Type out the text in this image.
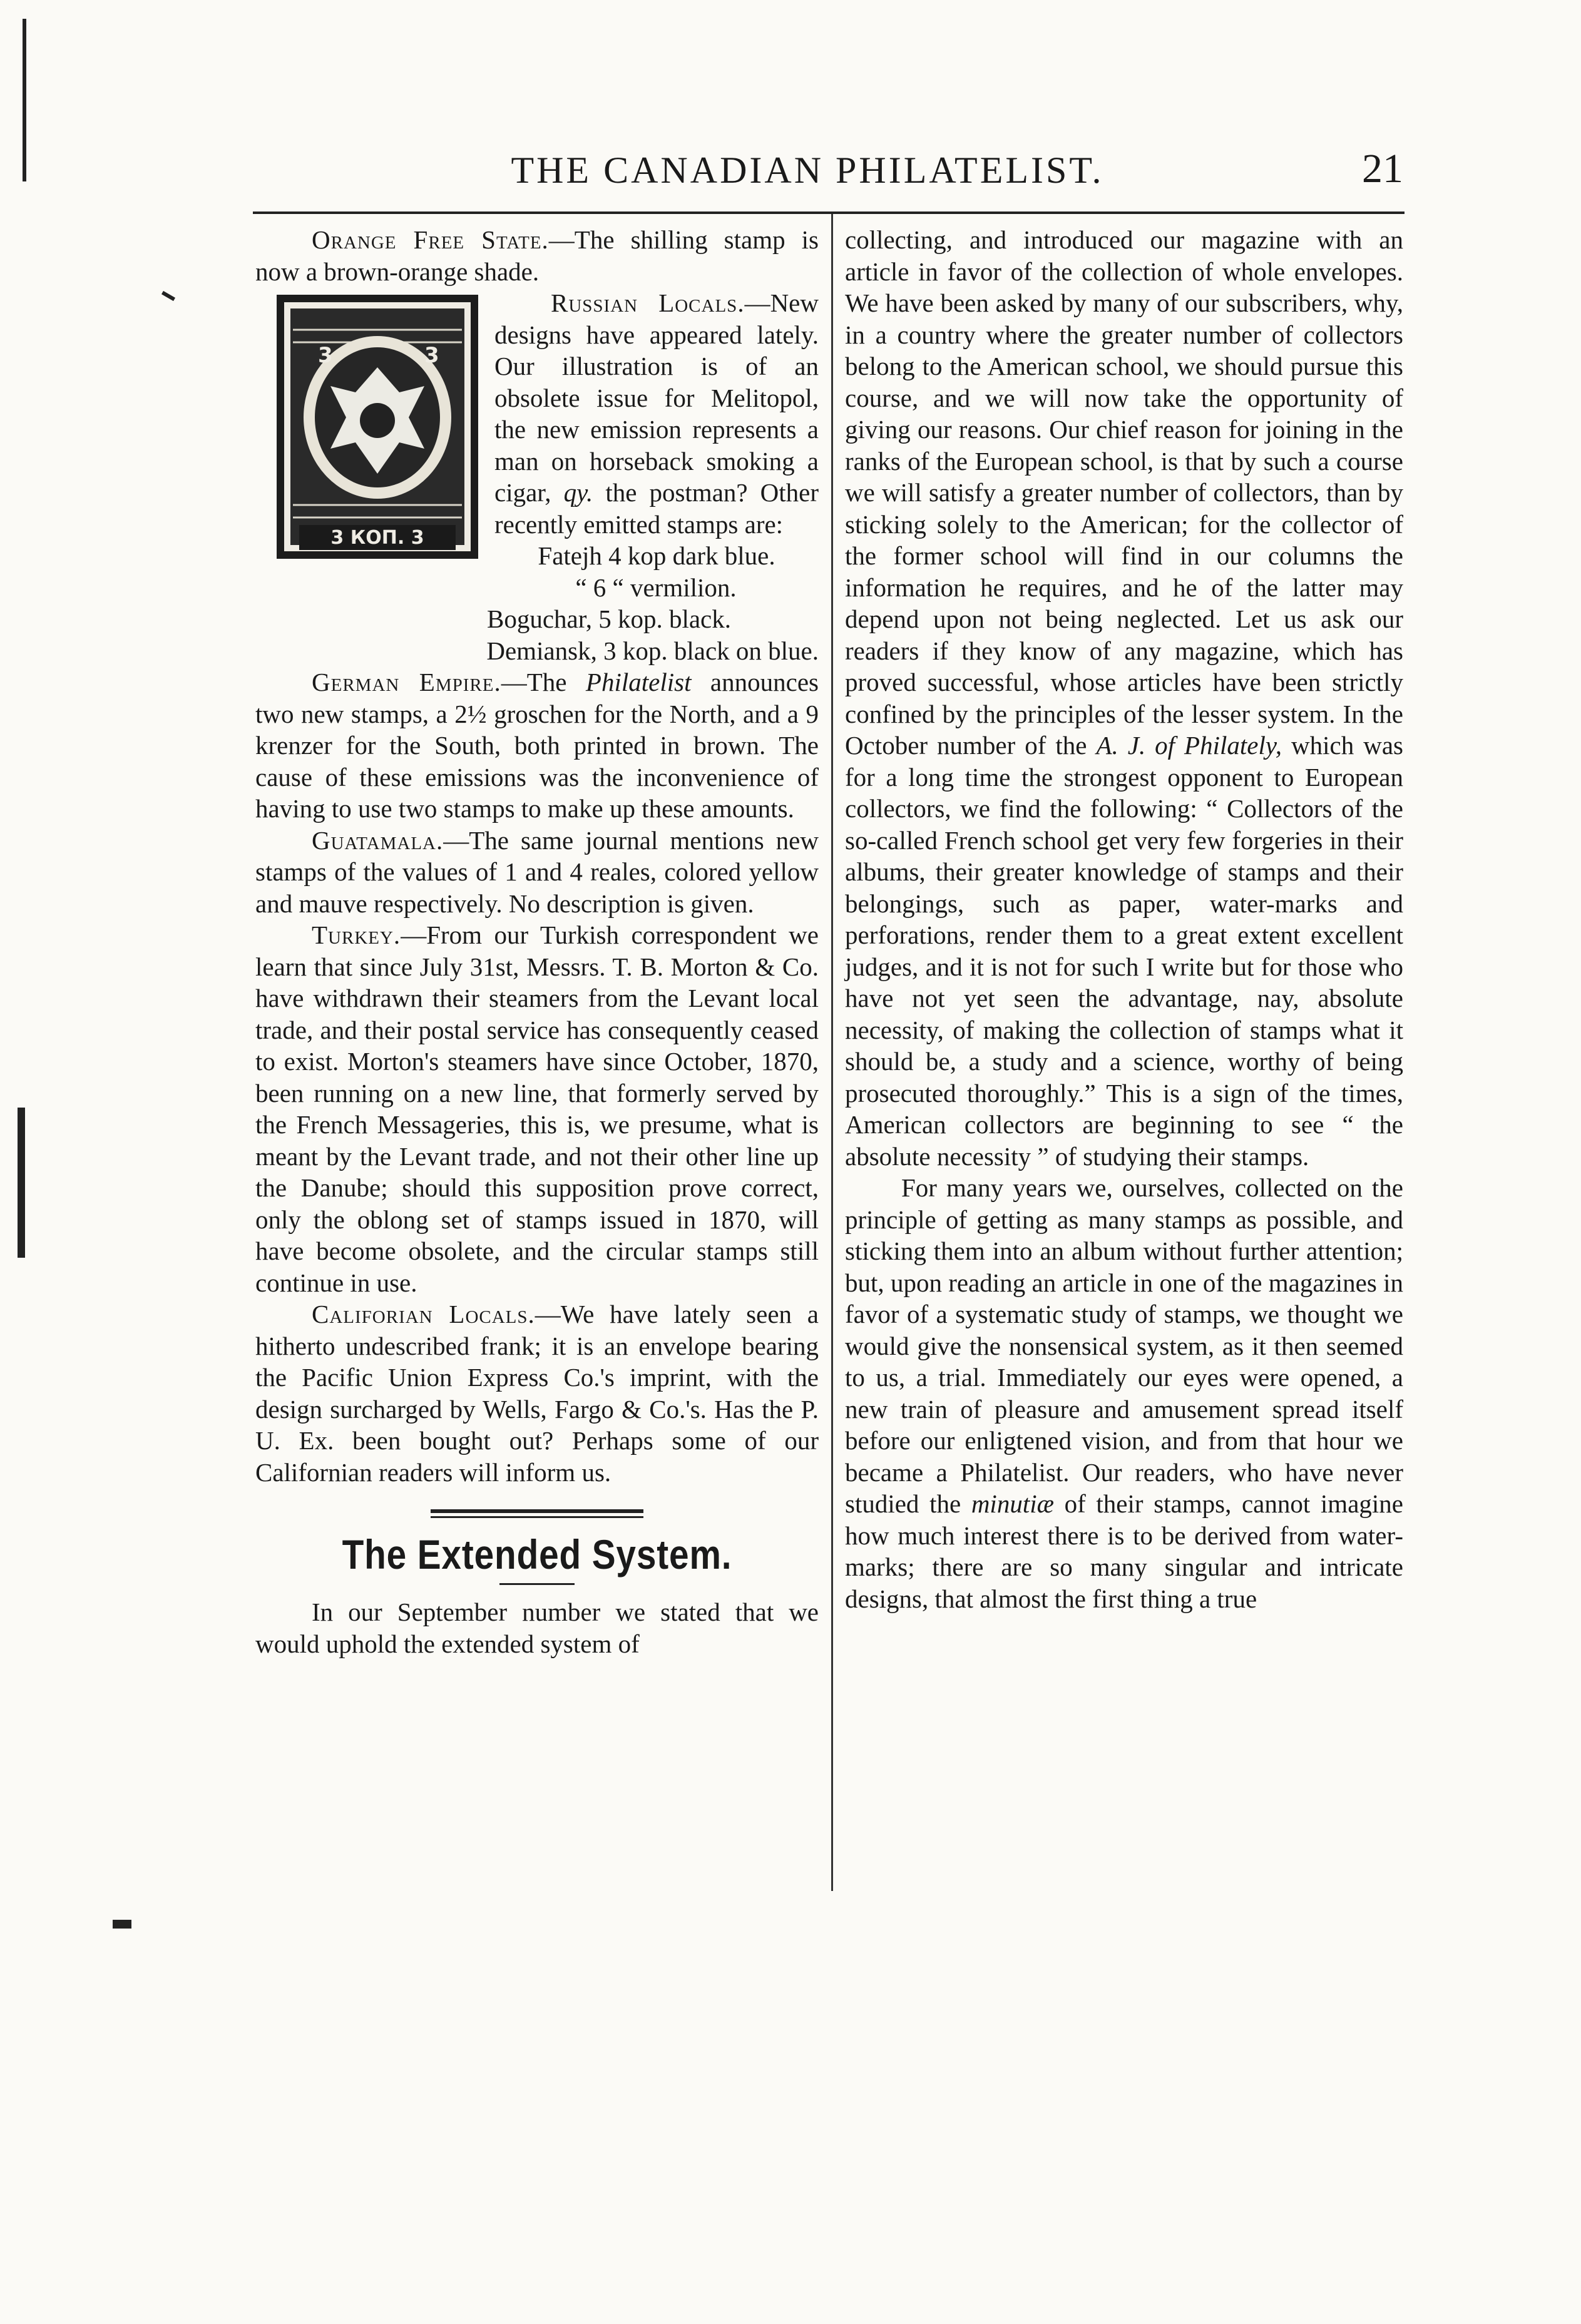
THE CANADIAN PHILATELIST.	21

Orange Free State.—The shilling stamp is now a brown-orange shade.

Russian Locals.
3 КОП. 3
3	3
—New designs have appeared lately. Our illustration is of an obsolete issue for Melitopol, the new emission represents a man on horseback smoking a cigar, qy. the postman? Other recently emitted stamps are:

Fatejh 4 kop dark blue.

“ 6 “ vermilion.

Boguchar, 5 kop. black.

Demiansk, 3 kop. black on blue.

German Empire.—The Philatelist announces two new stamps, a 2½ groschen for the North, and a 9 krenzer for the South, both printed in brown. The cause of these emissions was the inconvenience of having to use two stamps to make up these amounts.

Guatamala.—The same journal mentions new stamps of the values of 1 and 4 reales, colored yellow and mauve respectively. No description is given.

Turkey.—From our Turkish correspondent we learn that since July 31st, Messrs. T. B. Morton & Co. have withdrawn their steamers from the Levant local trade, and their postal service has consequently ceased to exist. Morton's steamers have since October, 1870, been running on a new line, that formerly served by the French Messageries, this is, we presume, what is meant by the Levant trade, and not their other line up the Danube; should this supposition prove correct, only the oblong set of stamps issued in 1870, will have become obsolete, and the circular stamps still continue in use.

Califorian Locals.—We have lately seen a hitherto undescribed frank; it is an envelope bearing the Pacific Union Express Co.'s imprint, with the design surcharged by Wells, Fargo & Co.'s. Has the P. U. Ex. been bought out? Perhaps some of our Californian readers will inform us.

The Extended System.

In our September number we stated that we would uphold the extended system of

collecting, and introduced our magazine with an article in favor of the collection of whole envelopes. We have been asked by many of our subscribers, why, in a country where the greater number of collectors belong to the American school, we should pursue this course, and we will now take the opportunity of giving our reasons. Our chief reason for joining in the ranks of the European school, is that by such a course we will satisfy a greater number of collectors, than by sticking solely to the American; for the collector of the former school will find in our columns the information he requires, and he of the latter may depend upon not being neglected. Let us ask our readers if they know of any magazine, which has proved successful, whose articles have been strictly confined by the principles of the lesser system. In the October number of the A. J. of Philately, which was for a long time the strongest opponent to European collectors, we find the following: “ Collectors of the so-called French school get very few forgeries in their albums, their greater knowledge of stamps and their belongings, such as paper, water-marks and perforations, render them to a great extent excellent judges, and it is not for such I write but for those who have not yet seen the advantage, nay, absolute necessity, of making the collection of stamps what it should be, a study and a science, worthy of being prosecuted thoroughly.” This is a sign of the times, American collectors are beginning to see “ the absolute necessity ” of studying their stamps.

For many years we, ourselves, collected on the principle of getting as many stamps as possible, and sticking them into an album without further attention; but, upon reading an article in one of the magazines in favor of a systematic study of stamps, we thought we would give the nonsensical system, as it then seemed to us, a trial. Immediately our eyes were opened, a new train of pleasure and amusement spread itself before our enligtened vision, and from that hour we became a Philatelist. Our readers, who have never studied the minutiæ of their stamps, cannot imagine how much interest there is to be derived from water-marks; there are so many singular and intricate designs, that almost the first thing a true
